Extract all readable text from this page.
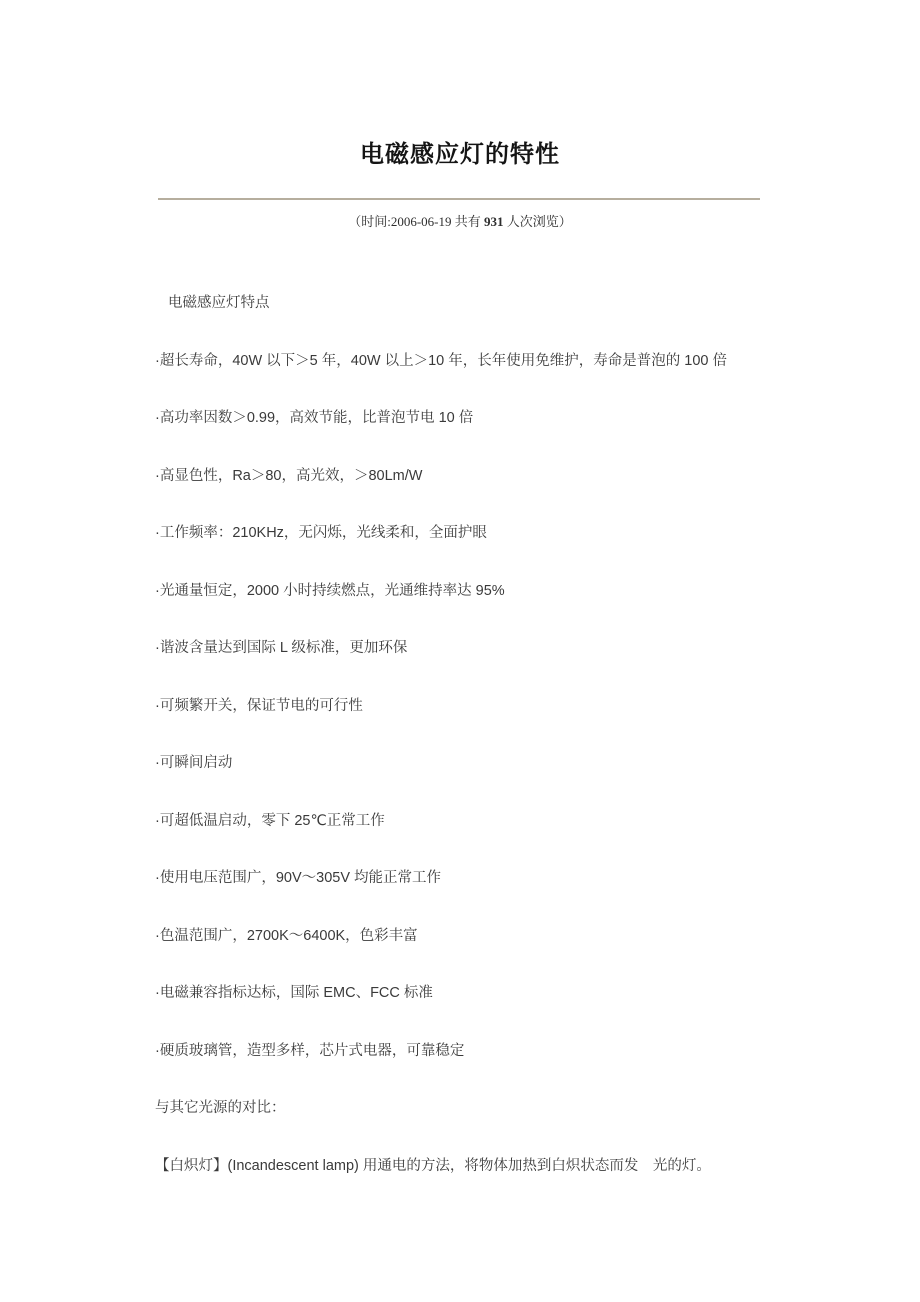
电磁感应灯的特性

（时间:2006-06-19 共有 931 人次浏览）

电磁感应灯特点

·超长寿命，40W 以下＞5 年，40W 以上＞10 年，长年使用免维护，寿命是普泡的 100 倍

·高功率因数＞0.99，高效节能，比普泡节电 10 倍

·高显色性，Ra＞80，高光效，＞80Lm/W

·工作频率：210KHz，无闪烁，光线柔和，全面护眼

·光通量恒定，2000 小时持续燃点，光通维持率达 95%

·谐波含量达到国际 L 级标准，更加环保

·可频繁开关，保证节电的可行性

·可瞬间启动

·可超低温启动，零下 25℃正常工作

·使用电压范围广，90V～305V 均能正常工作

·色温范围广，2700K～6400K，色彩丰富

·电磁兼容指标达标，国际 EMC、FCC 标准

·硬质玻璃管，造型多样，芯片式电器，可靠稳定

与其它光源的对比：

【白炽灯】(Incandescent lamp) 用通电的方法，将物体加热到白炽状态而发　光的灯。
